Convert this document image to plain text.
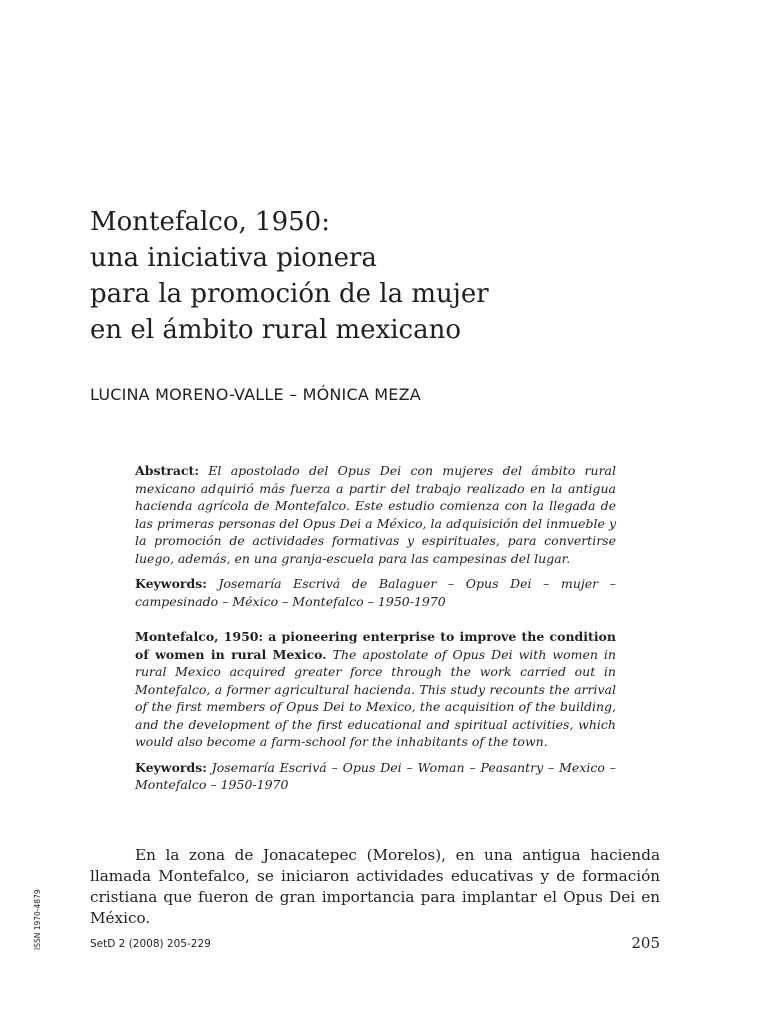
Montefalco, 1950:
una iniciativa pionera
para la promoción de la mujer
en el ámbito rural mexicano
LUCINA MORENO-VALLE – MÓNICA MEZA

Abstract: El apostolado del Opus Dei con mujeres del ámbito rural mexicano adquirió más fuerza a partir del trabajo realizado en la antigua hacienda agrícola de Montefalco. Este estudio comienza con la llegada de las primeras personas del Opus Dei a México, la adquisición del inmueble y la promoción de actividades formativas y espirituales, para convertirse luego, además, en una granja-escuela para las campesinas del lugar.

Keywords: Josemaría Escrivá de Balaguer – Opus Dei – mujer – campesinado – México – Montefalco – 1950-1970

Montefalco, 1950: a pioneering enterprise to improve the condition of women in rural Mexico. The apostolate of Opus Dei with women in rural Mexico acquired greater force through the work carried out in Montefalco, a former agricultural hacienda. This study recounts the arrival of the first members of Opus Dei to Mexico, the acquisition of the building, and the development of the first educational and spiritual activities, which would also become a farm-school for the inhabitants of the town.

Keywords: Josemaría Escrivá – Opus Dei – Woman – Peasantry – Mexico – Montefalco – 1950-1970

En la zona de Jonacatepec (Morelos), en una antigua hacienda llamada Montefalco, se iniciaron actividades educativas y de formación cristiana que fueron de gran importancia para implantar el Opus Dei en México.

ISSN 1970-4879	SetD 2 (2008) 205-229	205
